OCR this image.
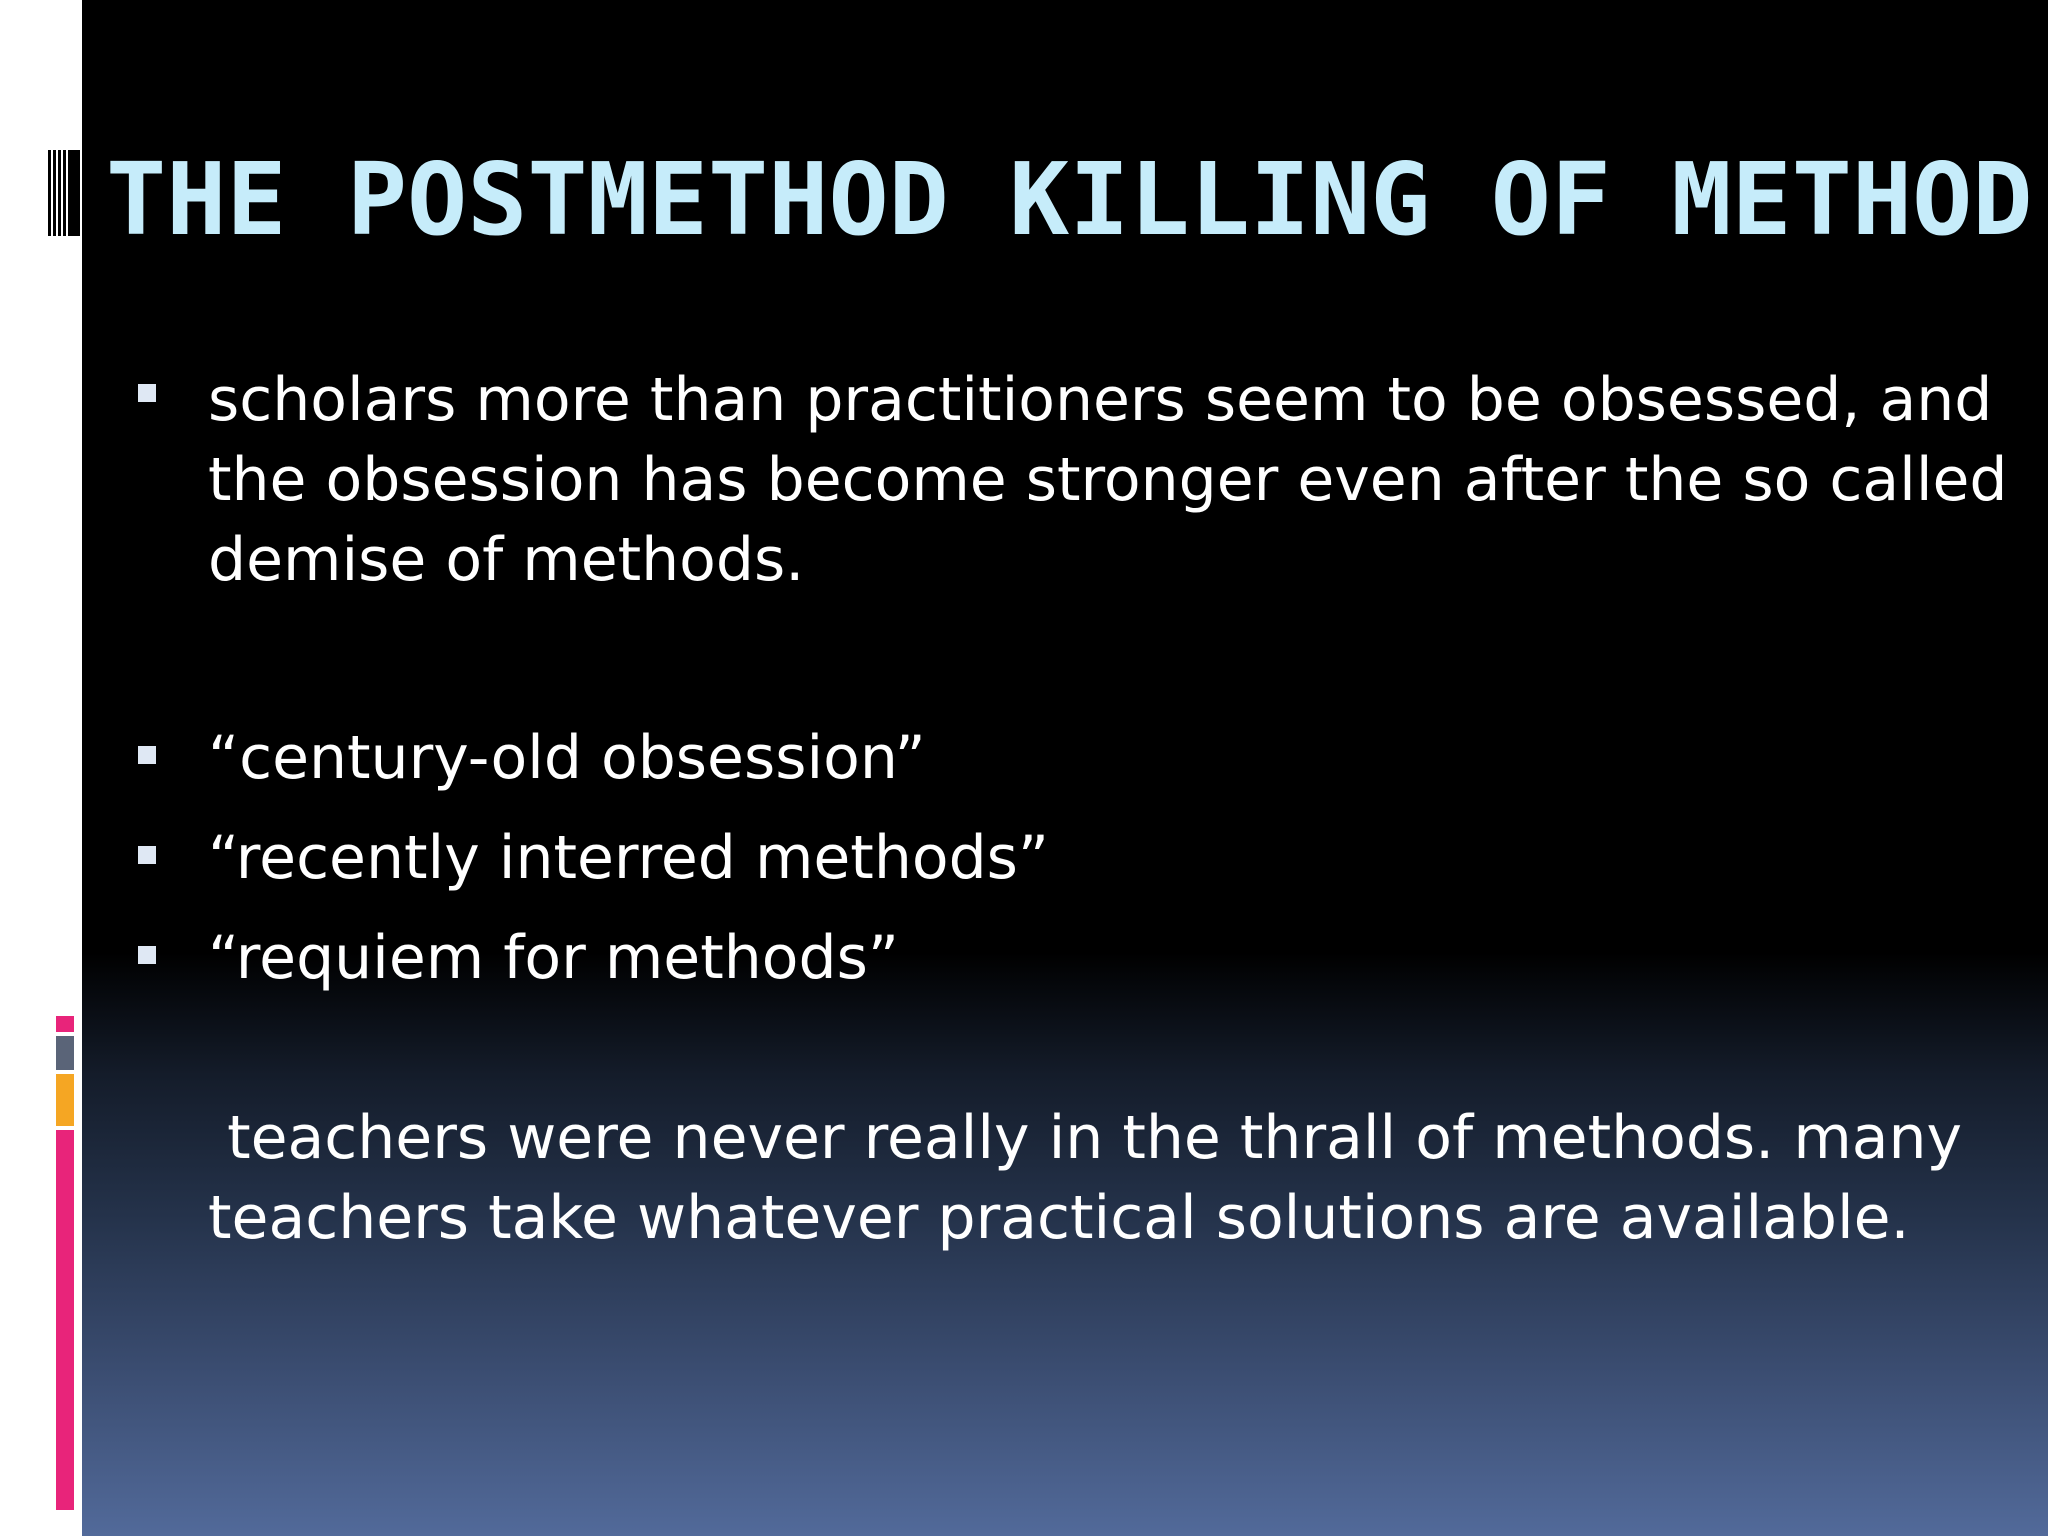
THE POSTMETHOD KILLING OF METHOD
scholars more than practitioners seem to be obsessed, and the obsession has become stronger even after the so called demise of methods.
“century-old obsession”
“recently interred methods”
“requiem for methods”
teachers were never really in the thrall of methods. many teachers take whatever practical solutions are available.
